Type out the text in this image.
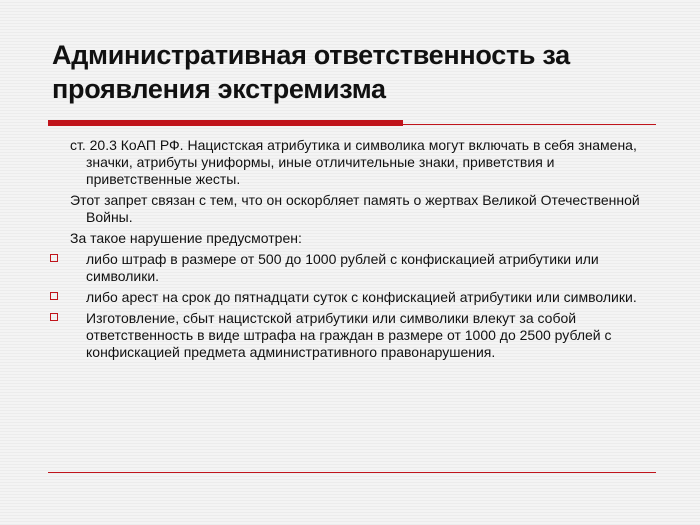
Административная ответственность за проявления экстремизма

ст. 20.3 КоАП РФ. Нацистская атрибутика и символика могут включать в себя знамена, значки, атрибуты униформы, иные отличительные знаки, приветствия и приветственные жесты.

Этот запрет связан с тем, что он оскорбляет память о жертвах Великой Отечественной Войны.

За такое нарушение предусмотрен:

либо штраф в размере от 500 до 1000 рублей с конфискацией атрибутики или символики.
либо арест на срок до пятнадцати суток с конфискацией атрибутики или символики.
Изготовление, сбыт нацистской атрибутики или символики влекут за собой ответственность в виде штрафа на граждан в размере от 1000 до 2500 рублей с конфискацией предмета административного правонарушения.
